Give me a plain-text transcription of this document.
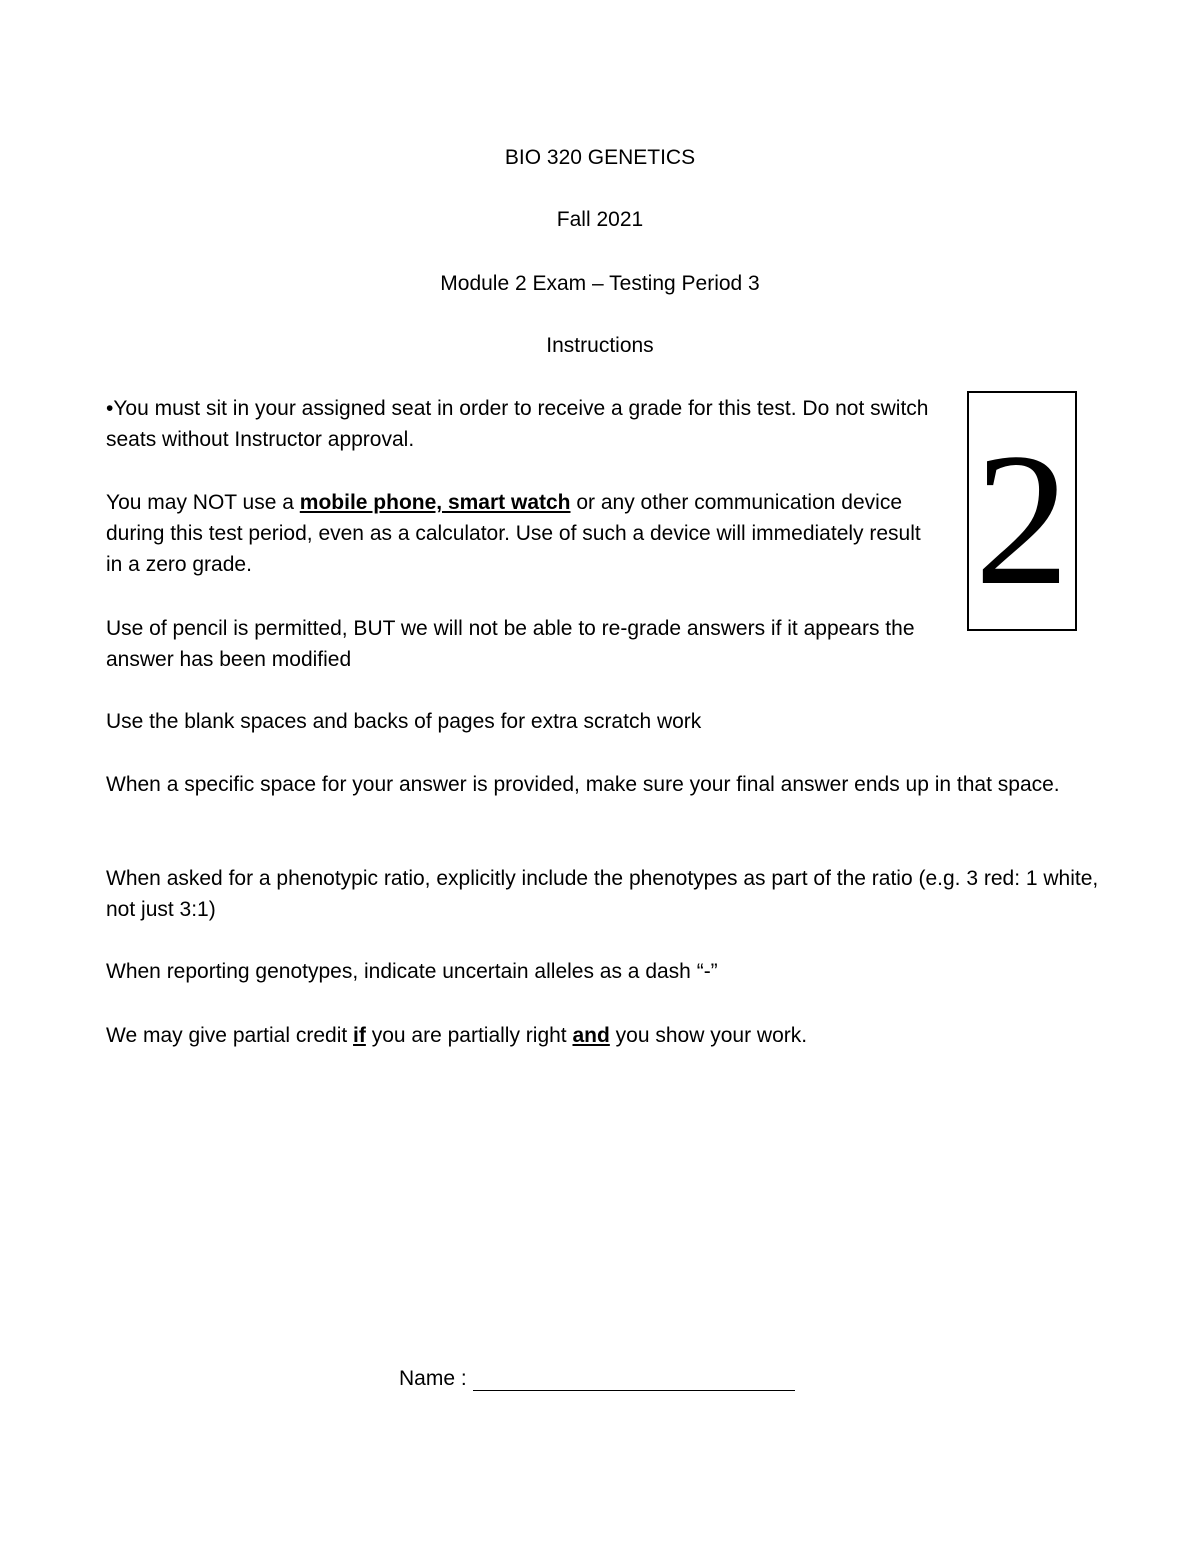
BIO 320 GENETICS
Fall 2021
Module 2 Exam – Testing Period 3
Instructions
2

•You must sit in your assigned seat in order to receive a grade for this test. Do not switch seats without Instructor approval.

You may NOT use a mobile phone, smart watch or any other communication device during this test period, even as a calculator. Use of such a device will immediately result in a zero grade.

Use of pencil is permitted, BUT we will not be able to re-grade answers if it appears the answer has been modified

Use the blank spaces and backs of pages for extra scratch work

When a specific space for your answer is provided, make sure your final answer ends up in that space.

When asked for a phenotypic ratio, explicitly include the phenotypes as part of the ratio (e.g. 3 red: 1 white, not just 3:1)

When reporting genotypes, indicate uncertain alleles as a dash “-”

We may give partial credit if you are partially right and you show your work.

Name :
